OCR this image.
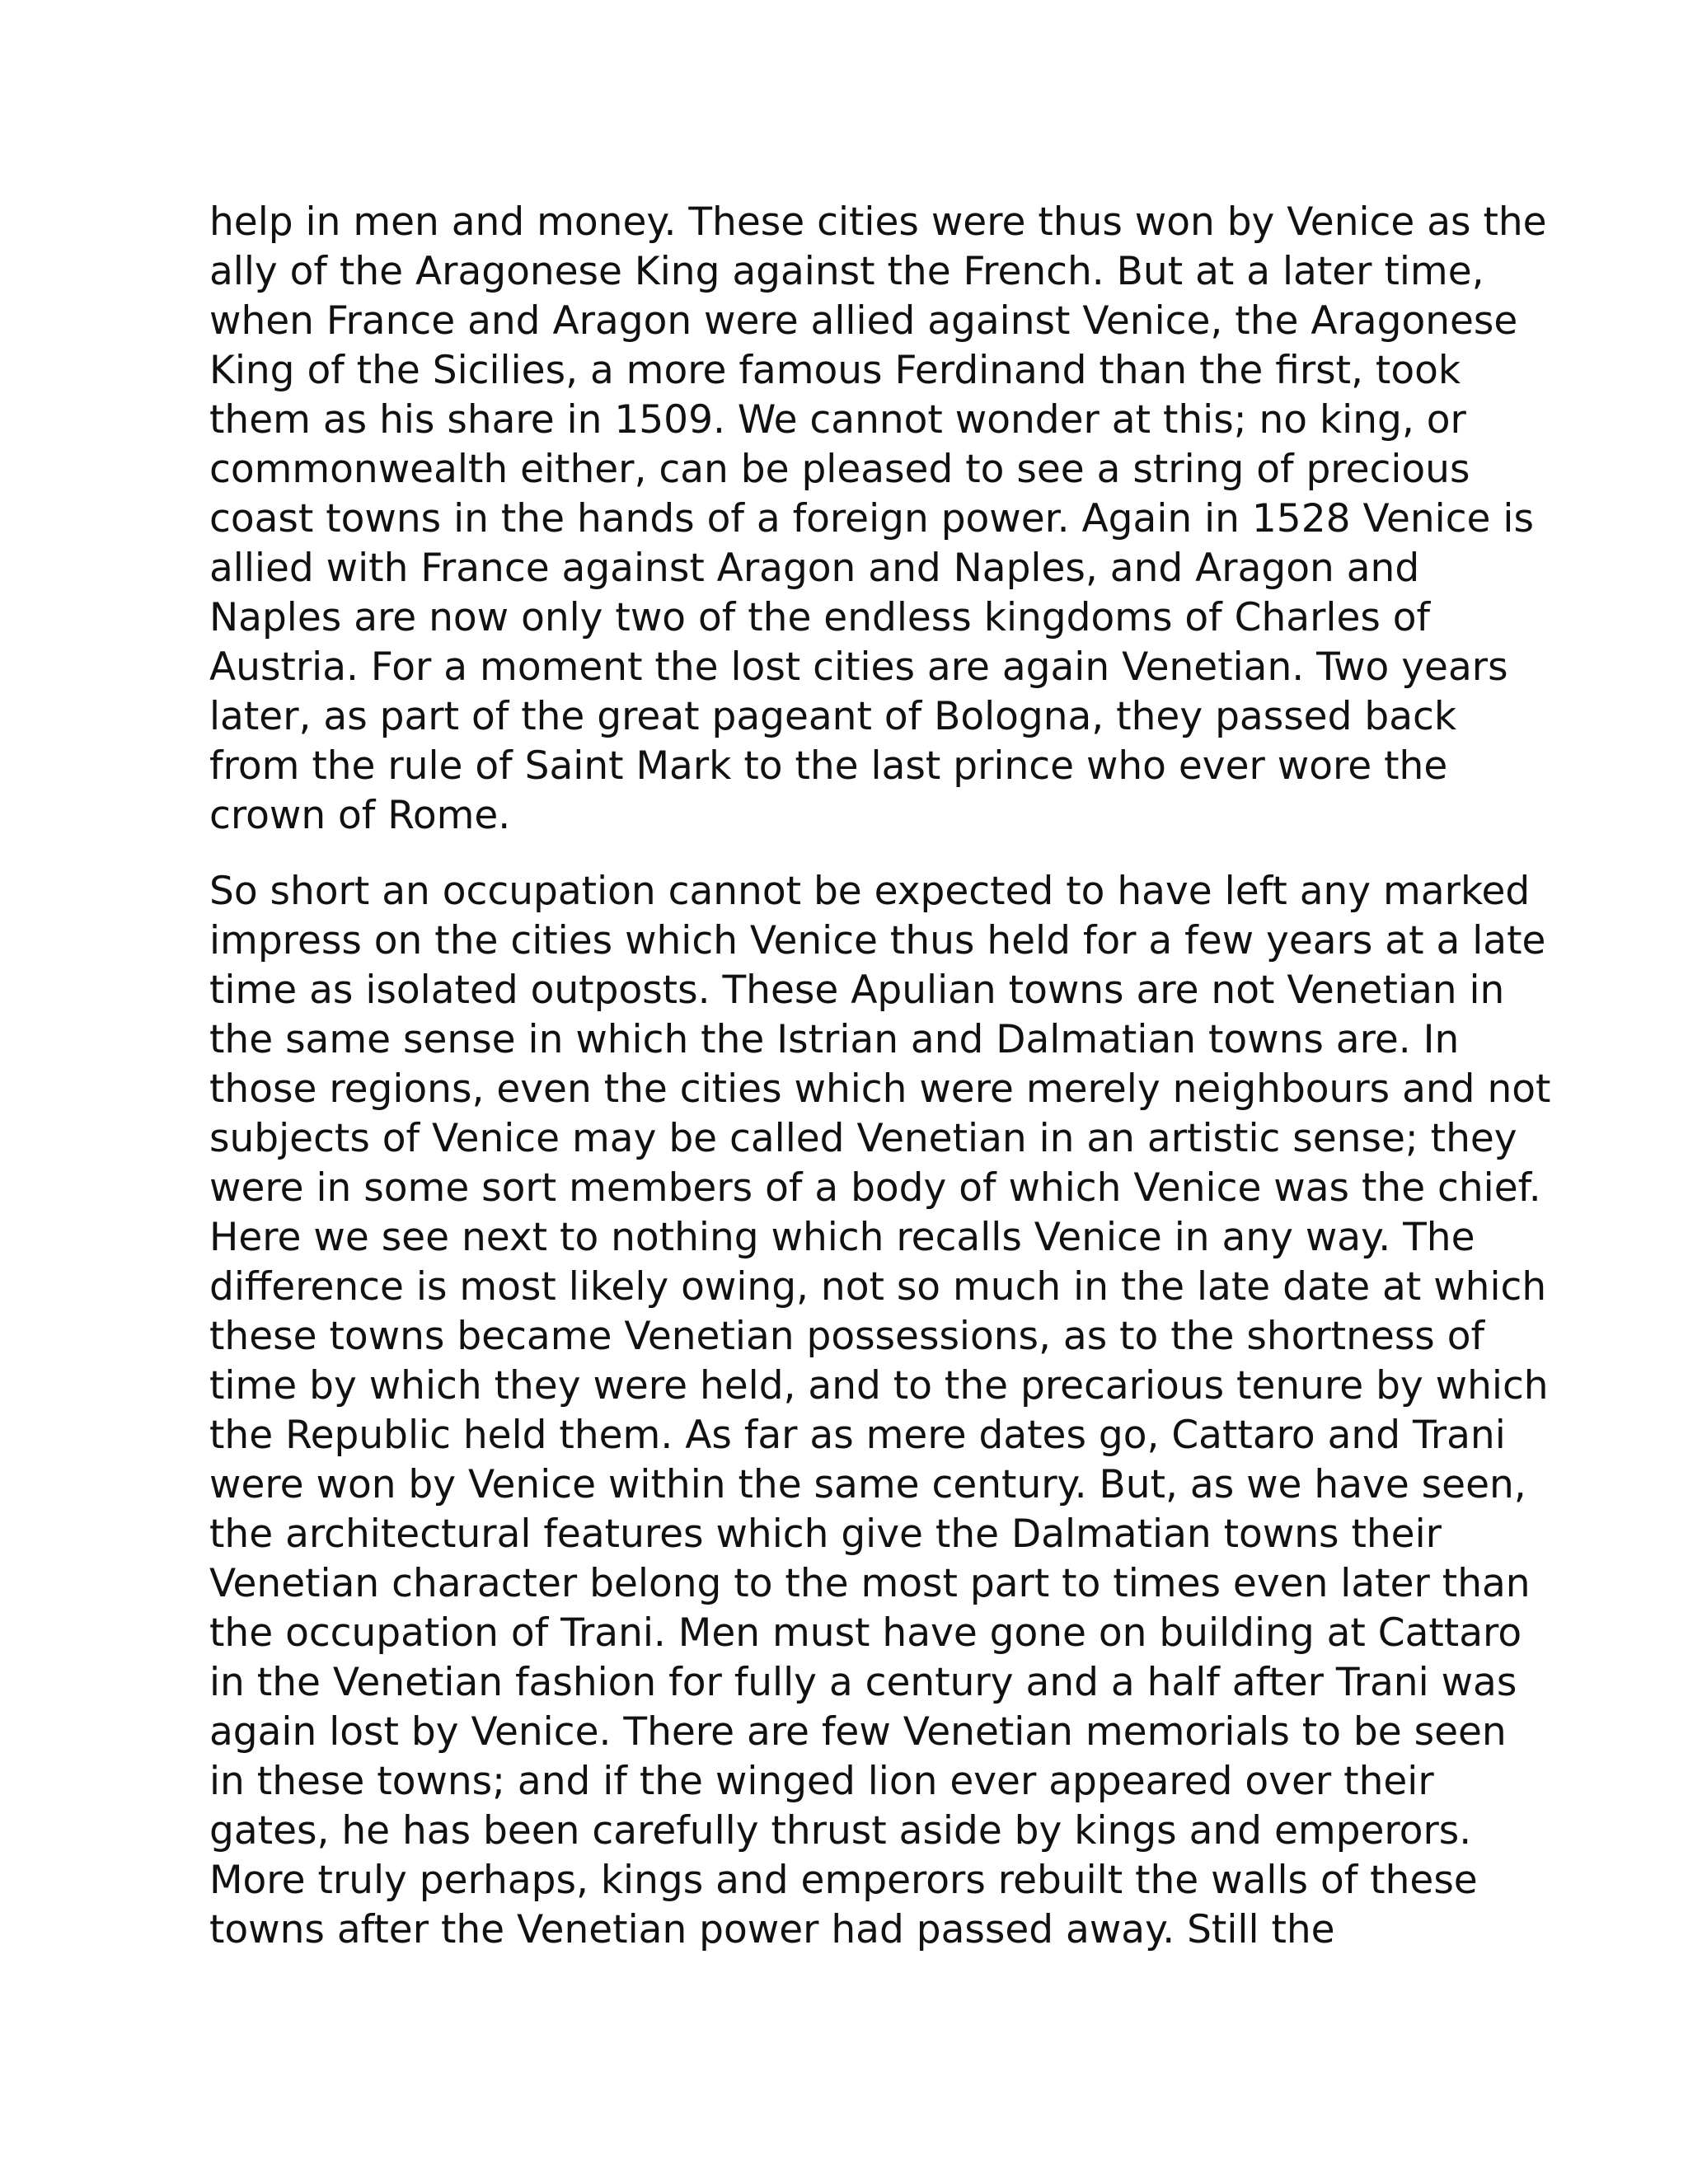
help in men and money. These cities were thus won by Venice as the
ally of the Aragonese King against the French. But at a later time,
when France and Aragon were allied against Venice, the Aragonese
King of the Sicilies, a more famous Ferdinand than the first, took
them as his share in 1509. We cannot wonder at this; no king, or
commonwealth either, can be pleased to see a string of precious
coast towns in the hands of a foreign power. Again in 1528 Venice is
allied with France against Aragon and Naples, and Aragon and
Naples are now only two of the endless kingdoms of Charles of
Austria. For a moment the lost cities are again Venetian. Two years
later, as part of the great pageant of Bologna, they passed back
from the rule of Saint Mark to the last prince who ever wore the
crown of Rome.
So short an occupation cannot be expected to have left any marked
impress on the cities which Venice thus held for a few years at a late
time as isolated outposts. These Apulian towns are not Venetian in
the same sense in which the Istrian and Dalmatian towns are. In
those regions, even the cities which were merely neighbours and not
subjects of Venice may be called Venetian in an artistic sense; they
were in some sort members of a body of which Venice was the chief.
Here we see next to nothing which recalls Venice in any way. The
difference is most likely owing, not so much in the late date at which
these towns became Venetian possessions, as to the shortness of
time by which they were held, and to the precarious tenure by which
the Republic held them. As far as mere dates go, Cattaro and Trani
were won by Venice within the same century. But, as we have seen,
the architectural features which give the Dalmatian towns their
Venetian character belong to the most part to times even later than
the occupation of Trani. Men must have gone on building at Cattaro
in the Venetian fashion for fully a century and a half after Trani was
again lost by Venice. There are few Venetian memorials to be seen
in these towns; and if the winged lion ever appeared over their
gates, he has been carefully thrust aside by kings and emperors.
More truly perhaps, kings and emperors rebuilt the walls of these
towns after the Venetian power had passed away. Still the
